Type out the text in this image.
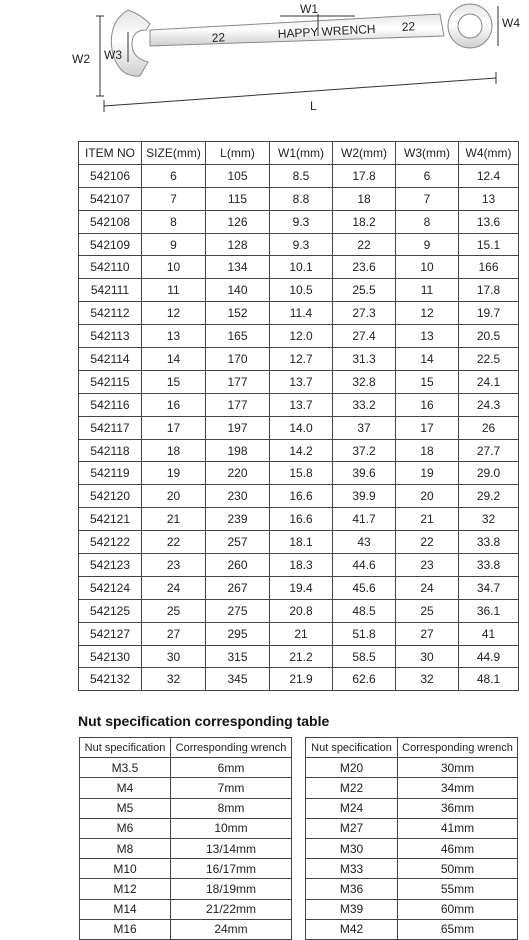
22	HAPPY WRENCH 22
W1
W2 W3
W4
L
ITEM NO	SIZE(mm)	L(mm)	W1(mm)	W2(mm)	W3(mm)	W4(mm)
542106	6	105	8.5	17.8	6	12.4
542107	7	115	8.8	18	7	13
542108	8	126	9.3	18.2	8	13.6
542109	9	128	9.3	22	9	15.1
542110	10	134	10.1	23.6	10	166
542111	11	140	10.5	25.5	11	17.8
542112	12	152	11.4	27.3	12	19.7
542113	13	165	12.0	27.4	13	20.5
542114	14	170	12.7	31.3	14	22.5
542115	15	177	13.7	32.8	15	24.1
542116	16	177	13.7	33.2	16	24.3
542117	17	197	14.0	37	17	26
542118	18	198	14.2	37.2	18	27.7
542119	19	220	15.8	39.6	19	29.0
542120	20	230	16.6	39.9	20	29.2
542121	21	239	16.6	41.7	21	32
542122	22	257	18.1	43	22	33.8
542123	23	260	18.3	44.6	23	33.8
542124	24	267	19.4	45.6	24	34.7
542125	25	275	20.8	48.5	25	36.1
542127	27	295	21	51.8	27	41
542130	30	315	21.2	58.5	30	44.9
542132	32	345	21.9	62.6	32	48.1
Nut specification corresponding table
Nut specification	Corresponding wrench
M3.5	6mm
M4	7mm
M5	8mm
M6	10mm
M8	13/14mm
M10	16/17mm
M12	18/19mm
M14	21/22mm
M16	24mm
Nut specification	Corresponding wrench
M20	30mm
M22	34mm
M24	36mm
M27	41mm
M30	46mm
M33	50mm
M36	55mm
M39	60mm
M42	65mm
